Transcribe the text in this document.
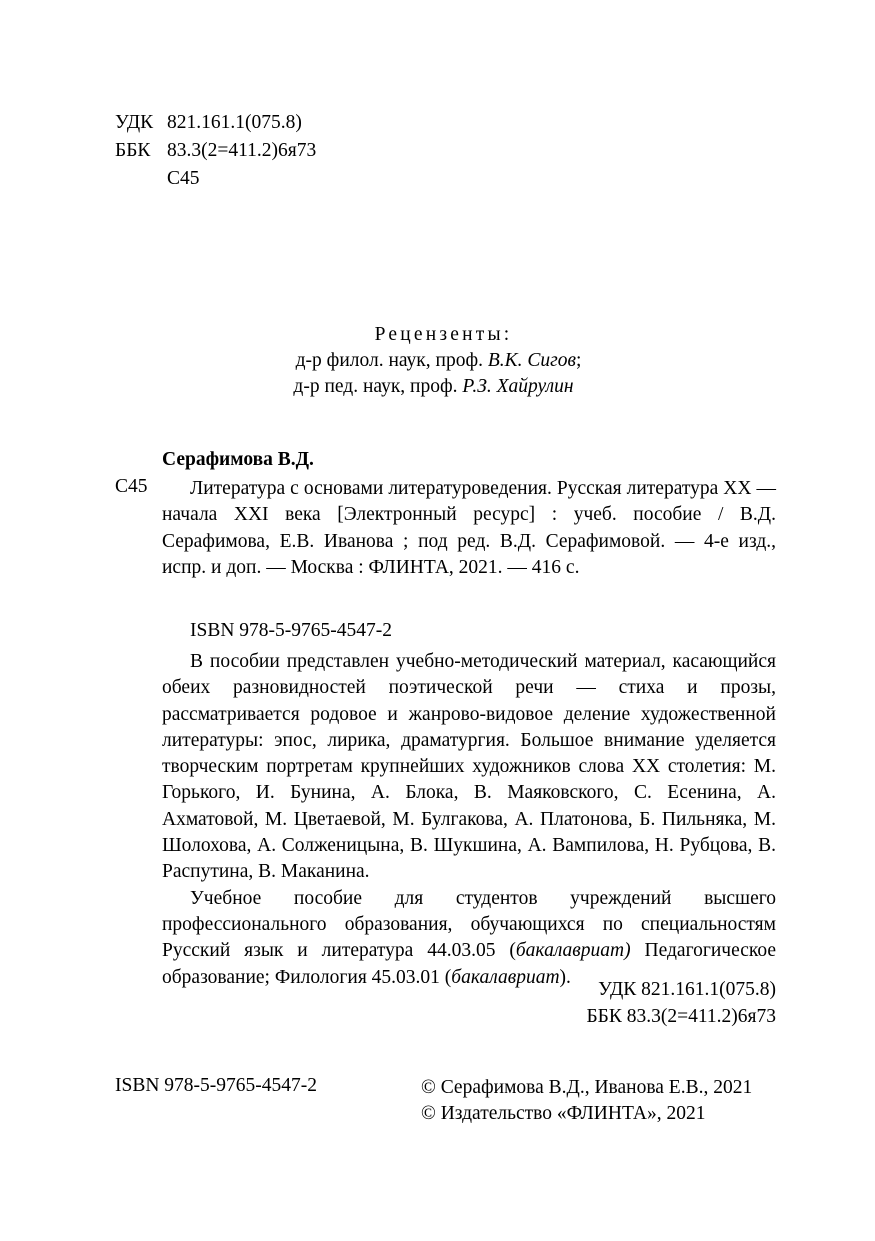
УДК 821.161.1(075.8)
ББК 83.3(2=411.2)6я73
С45
Рецензенты:
д-р филол. наук, проф. В.К. Сигов;
д-р пед. наук, проф. Р.З. Хайрулин
Серафимова В.Д.
С45	Литература с основами литературоведения. Русская литература XX — начала XXI века [Электронный ресурс] : учеб. пособие / В.Д. Серафимова, Е.В. Иванова ; под ред. В.Д. Серафимовой. — 4-е изд., испр. и доп. — Москва : ФЛИНТА, 2021. — 416 с.

ISBN 978-5-9765-4547-2

В пособии представлен учебно-методический материал, касающийся обеих разновидностей поэтической речи — стиха и прозы, рассматривается родовое и жанрово-видовое деление художественной литературы: эпос, лирика, драматургия. Большое внимание уделяется творческим портретам крупнейших художников слова XX столетия: М. Горького, И. Бунина, А. Блока, В. Маяковского, С. Есенина, А. Ахматовой, М. Цветаевой, М. Булгакова, А. Платонова, Б. Пильняка, М. Шолохова, А. Солженицына, В. Шукшина, А. Вампилова, Н. Рубцова, В. Распутина, В. Маканина.

Учебное пособие для студентов учреждений высшего профессионального образования, обучающихся по специальностям Русский язык и литература 44.03.05 (бакалавриат) Педагогическое образование; Филология 45.03.01 (бакалавриат).

УДК 821.161.1(075.8)
ББК 83.3(2=411.2)6я73
ISBN 978-5-9765-4547-2	© Серафимова В.Д., Иванова Е.В., 2021
© Издательство «ФЛИНТА», 2021
